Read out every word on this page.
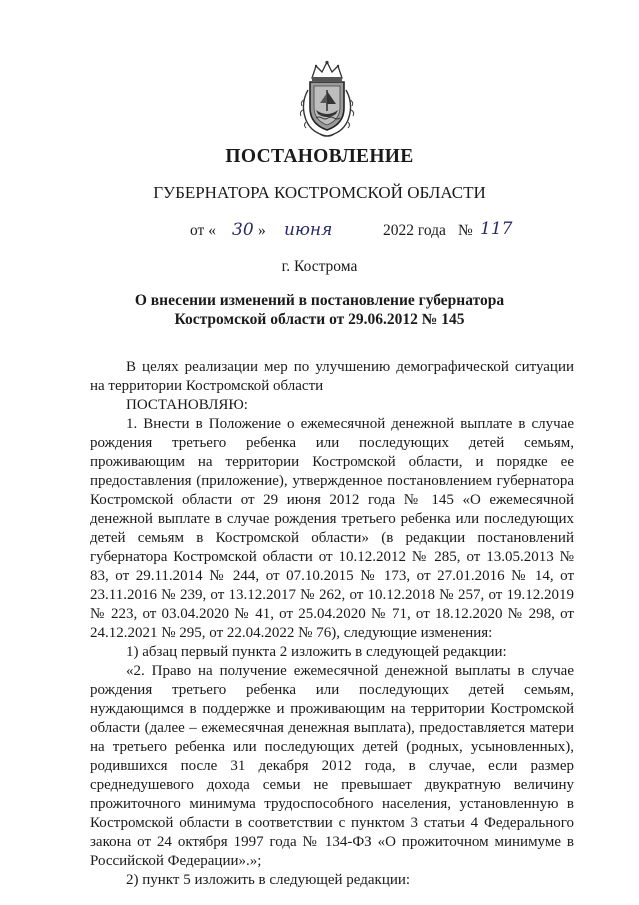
ПОСТАНОВЛЕНИЕ
ГУБЕРНАТОРА КОСТРОМСКОЙ ОБЛАСТИ
от « 30 » июня	2022 года № 117
г. Кострома
О внесении изменений в постановление губернатора
Костромской области от 29.06.2012 № 145

В целях реализации мер по улучшению демографической ситуации на территории Костромской области

ПОСТАНОВЛЯЮ:

1. Внести в Положение о ежемесячной денежной выплате в случае рождения третьего ребенка или последующих детей семьям, проживающим на территории Костромской области, и порядке ее предоставления (приложение), утвержденное постановлением губернатора Костромской области от 29 июня 2012 года № 145 «О ежемесячной денежной выплате в случае рождения третьего ребенка или последующих детей семьям в Костромской области» (в редакции постановлений губернатора Костромской области от 10.12.2012 № 285, от 13.05.2013 № 83, от 29.11.2014 № 244, от 07.10.2015 № 173, от 27.01.2016 № 14, от 23.11.2016 № 239, от 13.12.2017 № 262, от 10.12.2018 № 257, от 19.12.2019 № 223, от 03.04.2020 № 41, от 25.04.2020 № 71, от 18.12.2020 № 298, от 24.12.2021 № 295, от 22.04.2022 № 76), следующие изменения:

1) абзац первый пункта 2 изложить в следующей редакции:

«2. Право на получение ежемесячной денежной выплаты в случае рождения третьего ребенка или последующих детей семьям, нуждающимся в поддержке и проживающим на территории Костромской области (далее – ежемесячная денежная выплата), предоставляется матери на третьего ребенка или последующих детей (родных, усыновленных), родившихся после 31 декабря 2012 года, в случае, если размер среднедушевого дохода семьи не превышает двукратную величину прожиточного минимума трудоспособного населения, установленную в Костромской области в соответствии с пунктом 3 статьи 4 Федерального закона от 24 октября 1997 года № 134-ФЗ «О прожиточном минимуме в Российской Федерации».»;

2) пункт 5 изложить в следующей редакции:
